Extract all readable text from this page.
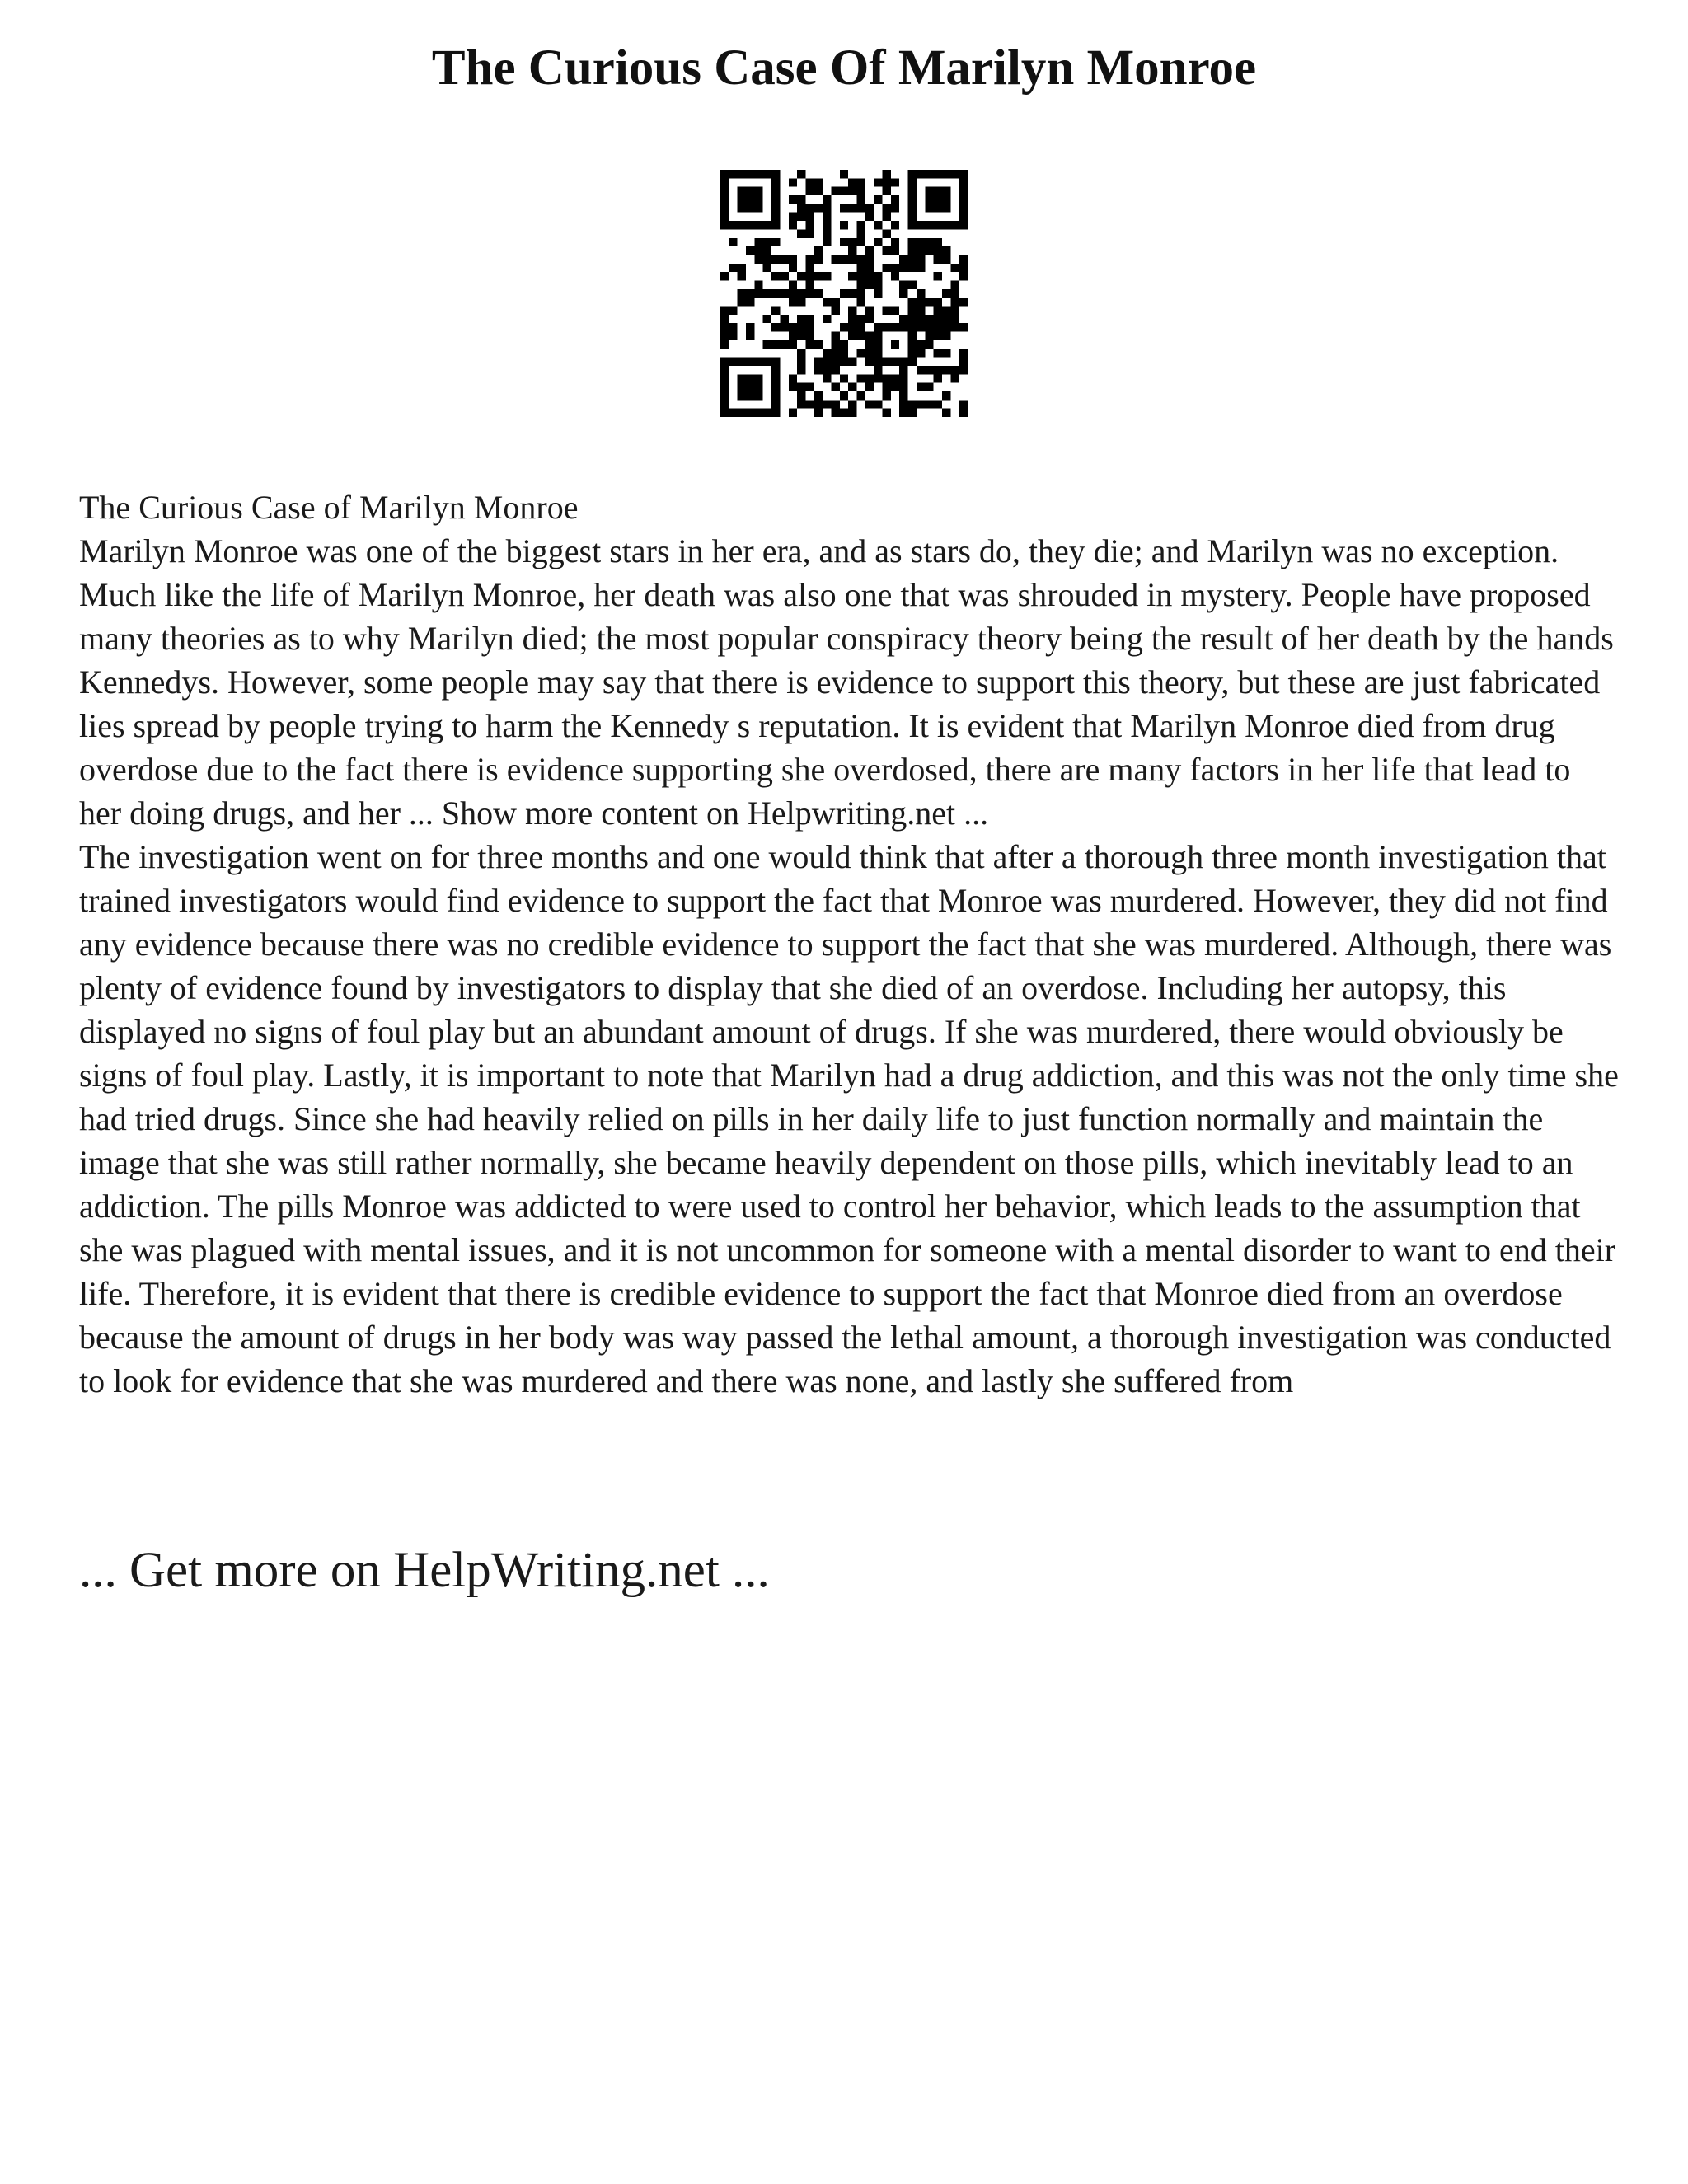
The Curious Case Of Marilyn Monroe

The Curious Case of Marilyn Monroe

Marilyn Monroe was one of the biggest stars in her era, and as stars do, they die; and Marilyn was no exception. Much like the life of Marilyn Monroe, her death was also one that was shrouded in mystery. People have proposed many theories as to why Marilyn died; the most popular conspiracy theory being the result of her death by the hands Kennedys. However, some people may say that there is evidence to support this theory, but these are just fabricated lies spread by people trying to harm the Kennedy s reputation. It is evident that Marilyn Monroe died from drug overdose due to the fact there is evidence supporting she overdosed, there are many factors in her life that lead to her doing drugs, and her ... Show more content on Helpwriting.net ...

The investigation went on for three months and one would think that after a thorough three month investigation that trained investigators would find evidence to support the fact that Monroe was murdered. However, they did not find any evidence because there was no credible evidence to support the fact that she was murdered. Although, there was plenty of evidence found by investigators to display that she died of an overdose. Including her autopsy, this displayed no signs of foul play but an abundant amount of drugs. If she was murdered, there would obviously be signs of foul play. Lastly, it is important to note that Marilyn had a drug addiction, and this was not the only time she had tried drugs. Since she had heavily relied on pills in her daily life to just function normally and maintain the image that she was still rather normally, she became heavily dependent on those pills, which inevitably lead to an addiction. The pills Monroe was addicted to were used to control her behavior, which leads to the assumption that she was plagued with mental issues, and it is not uncommon for someone with a mental disorder to want to end their life. Therefore, it is evident that there is credible evidence to support the fact that Monroe died from an overdose because the amount of drugs in her body was way passed the lethal amount, a thorough investigation was conducted to look for evidence that she was murdered and there was none, and lastly she suffered from

... Get more on HelpWriting.net ...
